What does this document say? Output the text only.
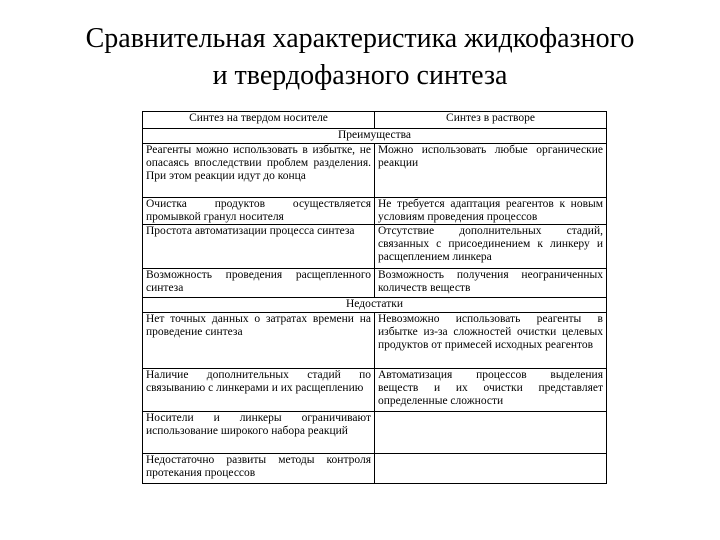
Сравнительная характеристика жидкофазного
и твердофазного синтеза
Синтез на твердом носителе	Синтез в растворе
Преимущества	
Реагенты можно использовать в избытке, не опасаясь впоследствии проблем разделения. При этом реакции идут до конца	Можно использовать любые органические реакции
Очистка продуктов осуществляется промывкой гранул носителя	Не требуется адаптация реагентов к новым условиям проведения процессов
Простота автоматизации процесса синтеза	Отсутствие дополнительных стадий, связанных с присоединением к линкеру и расщеплением линкера
Возможность проведения расщепленного синтеза	Возможность получения неограниченных количеств веществ
Недостатки	
Нет точных данных о затратах времени на проведение синтеза	Невозможно использовать реагенты в избытке из-за сложностей очистки целевых продуктов от примесей исходных реагентов
Наличие дополнительных стадий по связыванию с линкерами и их расщеплению	Автоматизация процессов выделения веществ и их очистки представляет определенные сложности
Носители и линкеры ограничивают использование широкого набора реакций	
Недостаточно развиты методы контроля протекания процессов	
